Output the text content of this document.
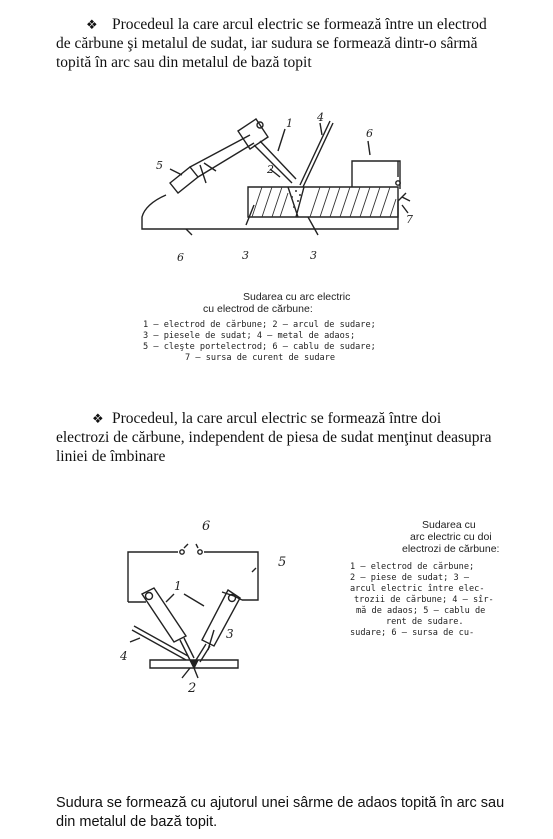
❖ Procedeul la care arcul electric se formează între un electrod
de cărbune şi metalul de sudat, iar sudura se formează dintr-o sârmă
topită în arc sau din metalul de bază topit
1
2
3	3
4
5
6
6
7
Sudarea cu arc electric
cu electrod de cărbune:
1 — electrod de cărbune; 2 — arcul de sudare;
3 — piesele de sudat; 4 — metal de adaos;
5 — cleşte portelectrod; 6 — cablu de sudare;
7 — sursa de curent de sudare
❖ Procedeul, la care arcul electric se formează între doi
electrozi de cărbune, independent de piesa de sudat menţinut deasupra
liniei de îmbinare
1
2
3
4
5
6	Sudarea cu
arc electric cu doi
electrozi de cărbune:
1 — electrod de cărbune;
2 — piese de sudat; 3 —
arcul electric între elec-
trozii de cărbune; 4 — sîr-
mă de adaos; 5 — cablu de
rent de sudare.
sudare; 6 — sursa de cu-
Sudura se formează cu ajutorul unei sârme de adaos topită în arc sau
din metalul de bază topit.
